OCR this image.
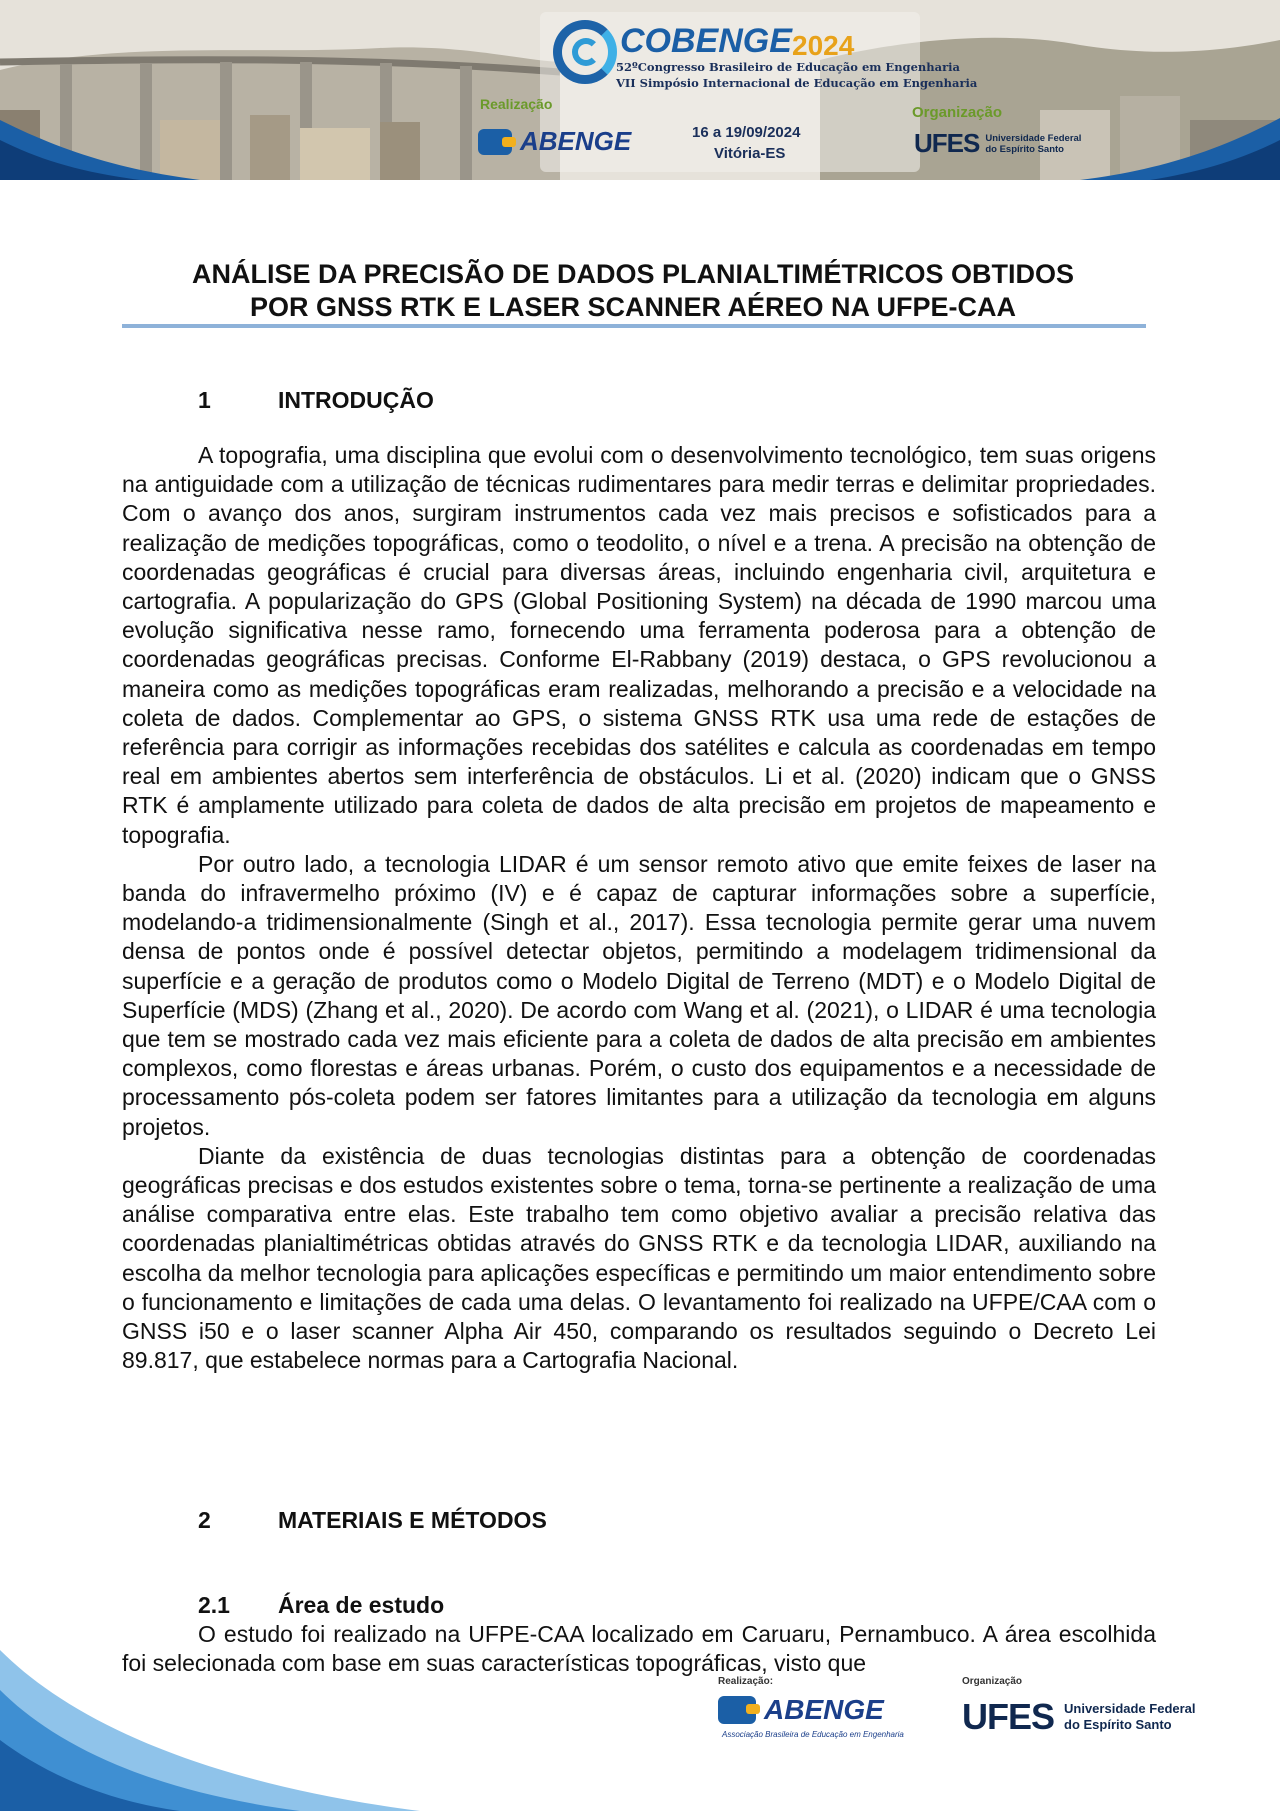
COBENGE 2024
52ºCongresso Brasileiro de Educação em Engenharia
VII Simpósio Internacional de Educação em Engenharia
Realização	Organização
ABENGE	16 a 19/09/2024
Vitória-ES	UFES Universidade Federal
do Espírito Santo
ANÁLISE DA PRECISÃO DE DADOS PLANIALTIMÉTRICOS OBTIDOS
POR GNSS RTK E LASER SCANNER AÉREO NA UFPE-CAA
1	INTRODUÇÃO

A topografia, uma disciplina que evolui com o desenvolvimento tecnológico, tem suas origens na antiguidade com a utilização de técnicas rudimentares para medir terras e delimitar propriedades. Com o avanço dos anos, surgiram instrumentos cada vez mais precisos e sofisticados para a realização de medições topográficas, como o teodolito, o nível e a trena. A precisão na obtenção de coordenadas geográficas é crucial para diversas áreas, incluindo engenharia civil, arquitetura e cartografia. A popularização do GPS (Global Positioning System) na década de 1990 marcou uma evolução significativa nesse ramo, fornecendo uma ferramenta poderosa para a obtenção de coordenadas geográficas precisas. Conforme El-Rabbany (2019) destaca, o GPS revolucionou a maneira como as medições topográficas eram realizadas, melhorando a precisão e a velocidade na coleta de dados. Complementar ao GPS, o sistema GNSS RTK usa uma rede de estações de referência para corrigir as informações recebidas dos satélites e calcula as coordenadas em tempo real em ambientes abertos sem interferência de obstáculos. Li et al. (2020) indicam que o GNSS RTK é amplamente utilizado para coleta de dados de alta precisão em projetos de mapeamento e topografia.

Por outro lado, a tecnologia LIDAR é um sensor remoto ativo que emite feixes de laser na banda do infravermelho próximo (IV) e é capaz de capturar informações sobre a superfície, modelando-a tridimensionalmente (Singh et al., 2017). Essa tecnologia permite gerar uma nuvem densa de pontos onde é possível detectar objetos, permitindo a modelagem tridimensional da superfície e a geração de produtos como o Modelo Digital de Terreno (MDT) e o Modelo Digital de Superfície (MDS) (Zhang et al., 2020). De acordo com Wang et al. (2021), o LIDAR é uma tecnologia que tem se mostrado cada vez mais eficiente para a coleta de dados de alta precisão em ambientes complexos, como florestas e áreas urbanas. Porém, o custo dos equipamentos e a necessidade de processamento pós-coleta podem ser fatores limitantes para a utilização da tecnologia em alguns projetos.

Diante da existência de duas tecnologias distintas para a obtenção de coordenadas geográficas precisas e dos estudos existentes sobre o tema, torna-se pertinente a realização de uma análise comparativa entre elas. Este trabalho tem como objetivo avaliar a precisão relativa das coordenadas planialtimétricas obtidas através do GNSS RTK e da tecnologia LIDAR, auxiliando na escolha da melhor tecnologia para aplicações específicas e permitindo um maior entendimento sobre o funcionamento e limitações de cada uma delas. O levantamento foi realizado na UFPE/CAA com o GNSS i50 e o laser scanner Alpha Air 450, comparando os resultados seguindo o Decreto Lei 89.817, que estabelece normas para a Cartografia Nacional.

2	MATERIAIS E MÉTODOS
2.1 Área de estudo

O estudo foi realizado na UFPE-CAA localizado em Caruaru, Pernambuco. A área escolhida foi selecionada com base em suas características topográficas, visto que

Realização:	Organização
ABENGE
Associação Brasileira de Educação em Engenharia UFES Universidade Federal
do Espírito Santo
